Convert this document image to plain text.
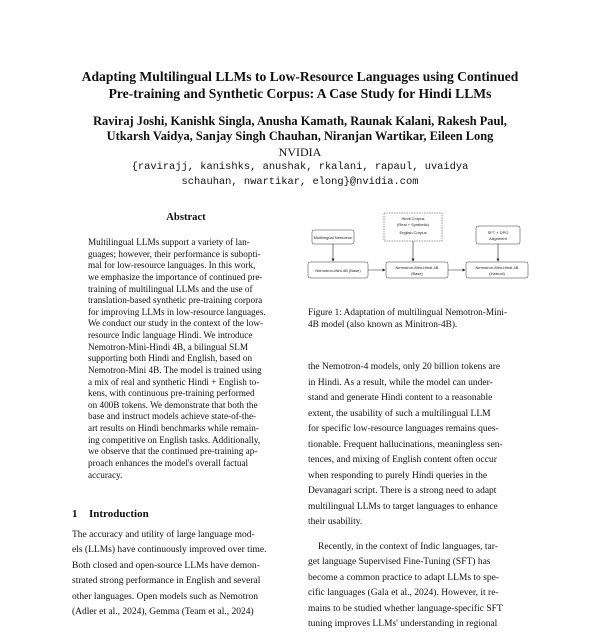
Adapting Multilingual LLMs to Low-Resource Languages using Continued
Pre-training and Synthetic Corpus: A Case Study for Hindi LLMs
Raviraj Joshi, Kanishk Singla, Anusha Kamath, Raunak Kalani, Rakesh Paul,
Utkarsh Vaidya, Sanjay Singh Chauhan, Niranjan Wartikar, Eileen Long
NVIDIA
{ravirajj, kanishks, anushak, rkalani, rapaul, uvaidya
schauhan, nwartikar, elong}@nvidia.com
Abstract
Multilingual LLMs support a variety of lan-
guages; however, their performance is subopti-
mal for low-resource languages. In this work,
we emphasize the importance of continued pre-
training of multilingual LLMs and the use of
translation-based synthetic pre-training corpora
for improving LLMs in low-resource languages.
We conduct our study in the context of the low-
resource Indic language Hindi. We introduce
Nemotron-Mini-Hindi 4B, a bilingual SLM
supporting both Hindi and English, based on
Nemotron-Mini 4B. The model is trained using
a mix of real and synthetic Hindi + English to-
kens, with continuous pre-training performed
on 400B tokens. We demonstrate that both the
base and instruct models achieve state-of-the-
art results on Hindi benchmarks while remain-
ing competitive on English tasks. Additionally,
we observe that the continued pre-training ap-
proach enhances the model's overall factual
accuracy.
1 Introduction
The accuracy and utility of large language mod-
els (LLMs) have continuously improved over time.
Both closed and open-source LLMs have demon-
strated strong performance in English and several
other languages. Open models such as Nemotron
(Adler et al., 2024), Gemma (Team et al., 2024)
Hindi Corpus
(Real + Synthetic)
English Corpus
Multilingual Nemotron
SFT + DPO
Alignment
Nemotron-Mini-4B (Base)
Nemotron-Mini-Hindi-4B
(Base)
Nemotron-Mini-Hindi-4B
(Instruct)
Figure 1: Adaptation of multilingual Nemotron-Mini-
4B model (also known as Minitron-4B).
the Nemotron-4 models, only 20 billion tokens are
in Hindi. As a result, while the model can under-
stand and generate Hindi content to a reasonable
extent, the usability of such a multilingual LLM
for specific low-resource languages remains ques-
tionable. Frequent hallucinations, meaningless sen-
tences, and mixing of English content often occur
when responding to purely Hindi queries in the
Devanagari script. There is a strong need to adapt
multilingual LLMs to target languages to enhance
their usability.
Recently, in the context of Indic languages, tar-
get language Supervised Fine-Tuning (SFT) has
become a common practice to adapt LLMs to spe-
cific languages (Gala et al., 2024). However, it re-
mains to be studied whether language-specific SFT
tuning improves LLMs' understanding in regional
